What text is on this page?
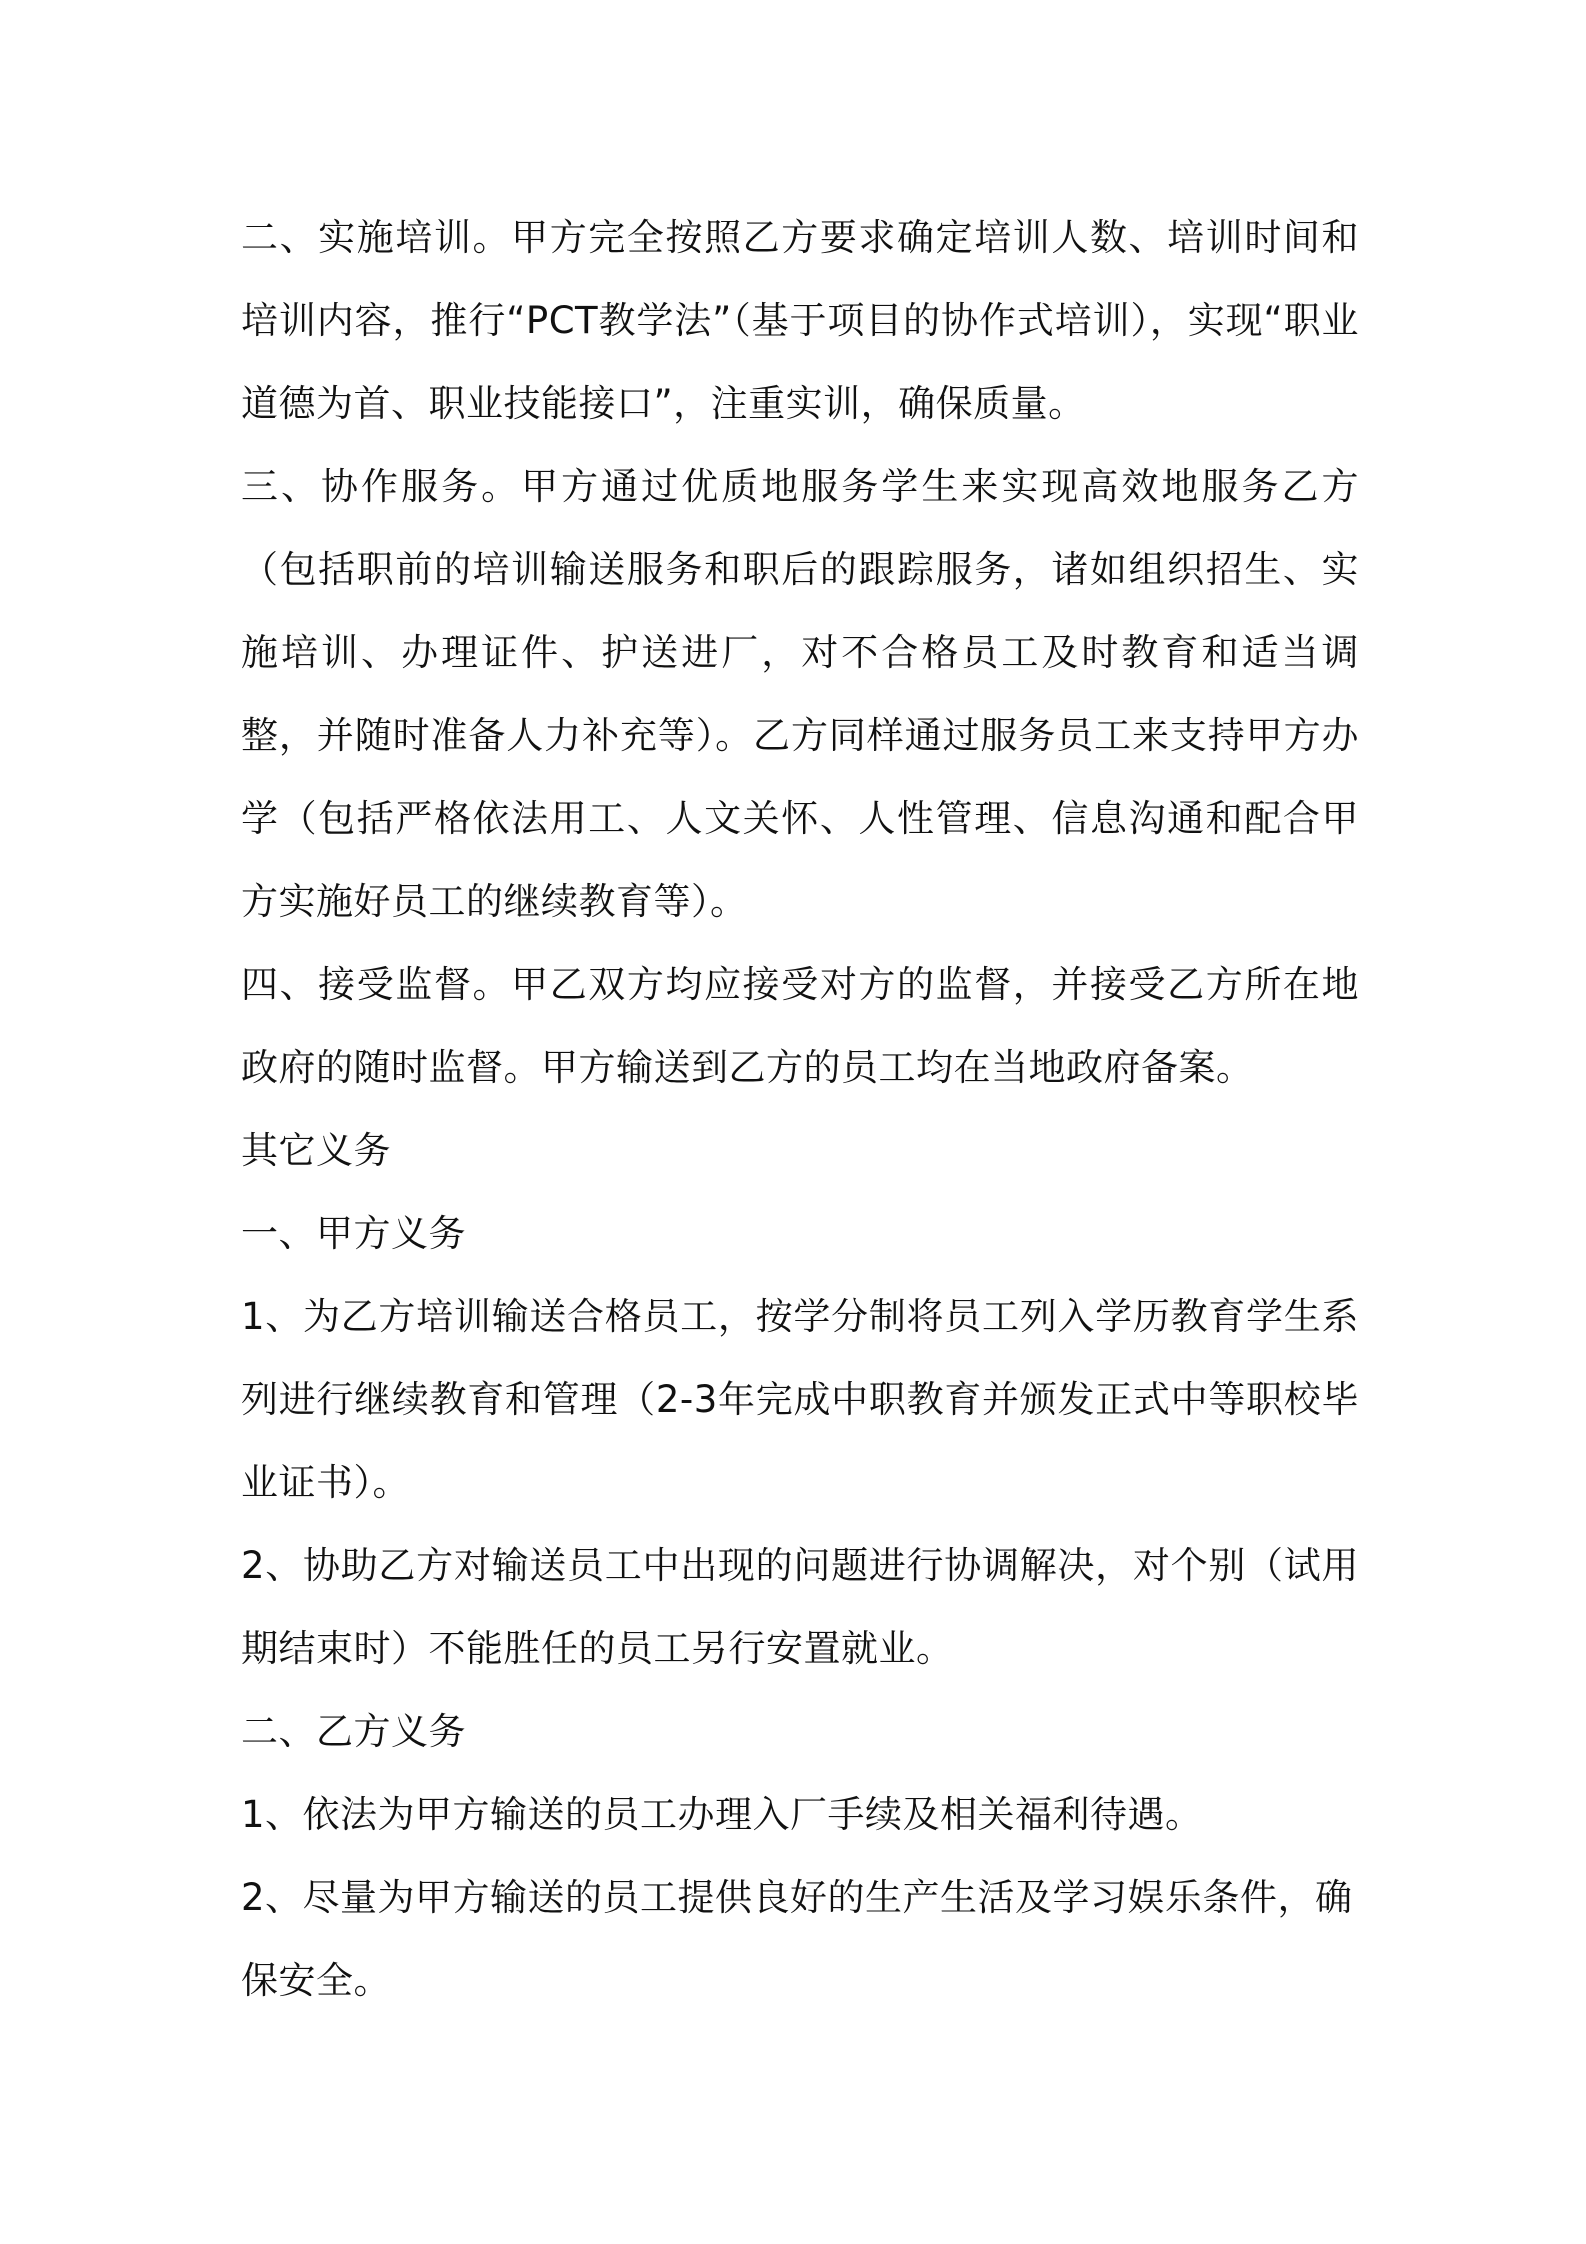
二、实施培训。甲方完全按照乙方要求确定培训人数、培训时间和培训内容，推行“PCT教学法”（基于项目的协作式培训），实现“职业道德为首、职业技能接口”，注重实训，确保质量。

三、协作服务。甲方通过优质地服务学生来实现高效地服务乙方（包括职前的培训输送服务和职后的跟踪服务，诸如组织招生、实施培训、办理证件、护送进厂，对不合格员工及时教育和适当调整，并随时准备人力补充等）。乙方同样通过服务员工来支持甲方办学（包括严格依法用工、人文关怀、人性管理、信息沟通和配合甲方实施好员工的继续教育等）。

四、接受监督。甲乙双方均应接受对方的监督，并接受乙方所在地政府的随时监督。甲方输送到乙方的员工均在当地政府备案。

其它义务

一、甲方义务

1、为乙方培训输送合格员工，按学分制将员工列入学历教育学生系列进行继续教育和管理（2-3年完成中职教育并颁发正式中等职校毕业证书）。

2、协助乙方对输送员工中出现的问题进行协调解决，对个别（试用期结束时）不能胜任的员工另行安置就业。

二、乙方义务

1、依法为甲方输送的员工办理入厂手续及相关福利待遇。

2、尽量为甲方输送的员工提供良好的生产生活及学习娱乐条件，确保安全。
